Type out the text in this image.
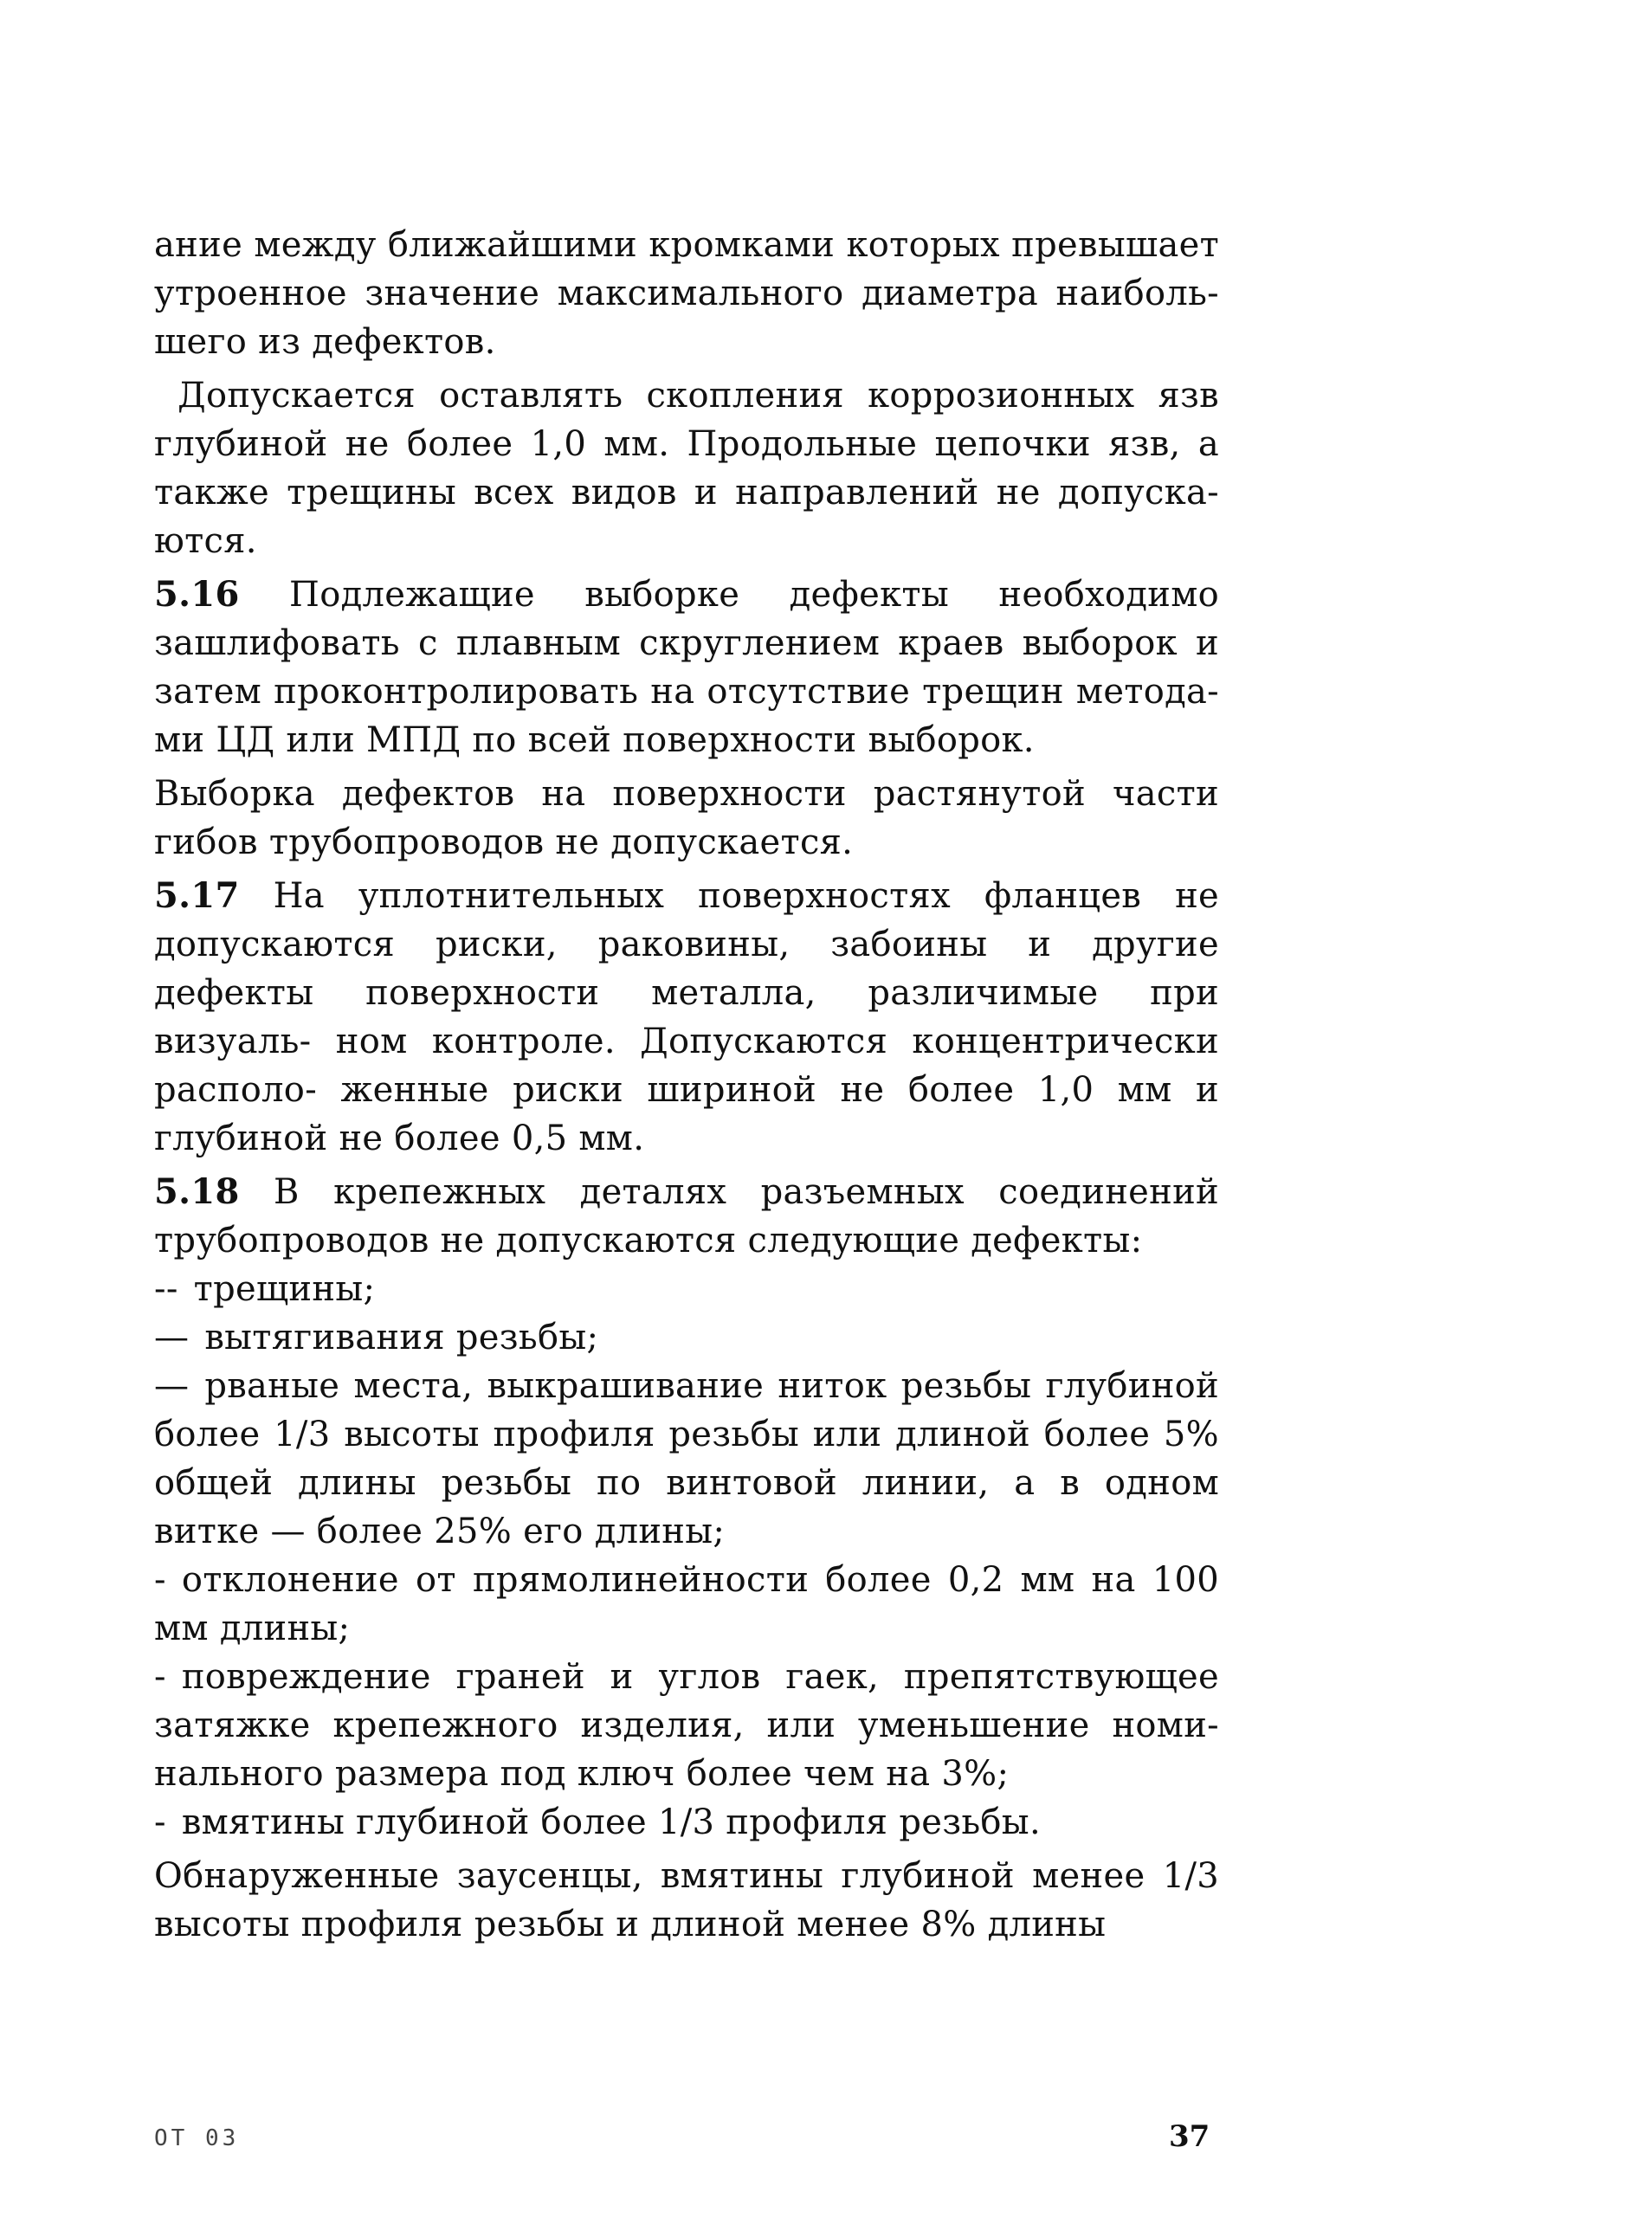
ание между ближайшими кромками которых превышает утроенное значение максимального диаметра наиболь- шего из дефектов.

Допускается оставлять скопления коррозионных язв глубиной не более 1,0 мм. Продольные цепочки язв, а также трещины всех видов и направлений не допуска- ются.

5.16 Подлежащие выборке дефекты необходимо зашлифовать с плавным скруглением краев выборок и затем проконтролировать на отсутствие трещин метода- ми ЦД или МПД по всей поверхности выборок.

Выборка дефектов на поверхности растянутой части гибов трубопроводов не допускается.

5.17 На уплотнительных поверхностях фланцев не допускаются риски, раковины, забоины и другие дефекты поверхности металла, различимые при визуаль- ном контроле. Допускаются концентрически располо- женные риски шириной не более 1,0 мм и глубиной не более 0,5 мм.

5.18 В крепежных деталях разъемных соединений трубопроводов не допускаются следующие дефекты:

-- трещины;

— вытягивания резьбы;

— рваные места, выкрашивание ниток резьбы глубиной более 1/3 высоты профиля резьбы или длиной более 5% общей длины резьбы по винтовой линии, а в одном витке — более 25% его длины;

- отклонение от прямолинейности более 0,2 мм на 100 мм длины;

- повреждение граней и углов гаек, препятствующее затяжке крепежного изделия, или уменьшение номи- нального размера под ключ более чем на 3%;

- вмятины глубиной более 1/3 профиля резьбы.

Обнаруженные заусенцы, вмятины глубиной менее 1/3 высоты профиля резьбы и длиной менее 8% длины

ОТ 03	37
